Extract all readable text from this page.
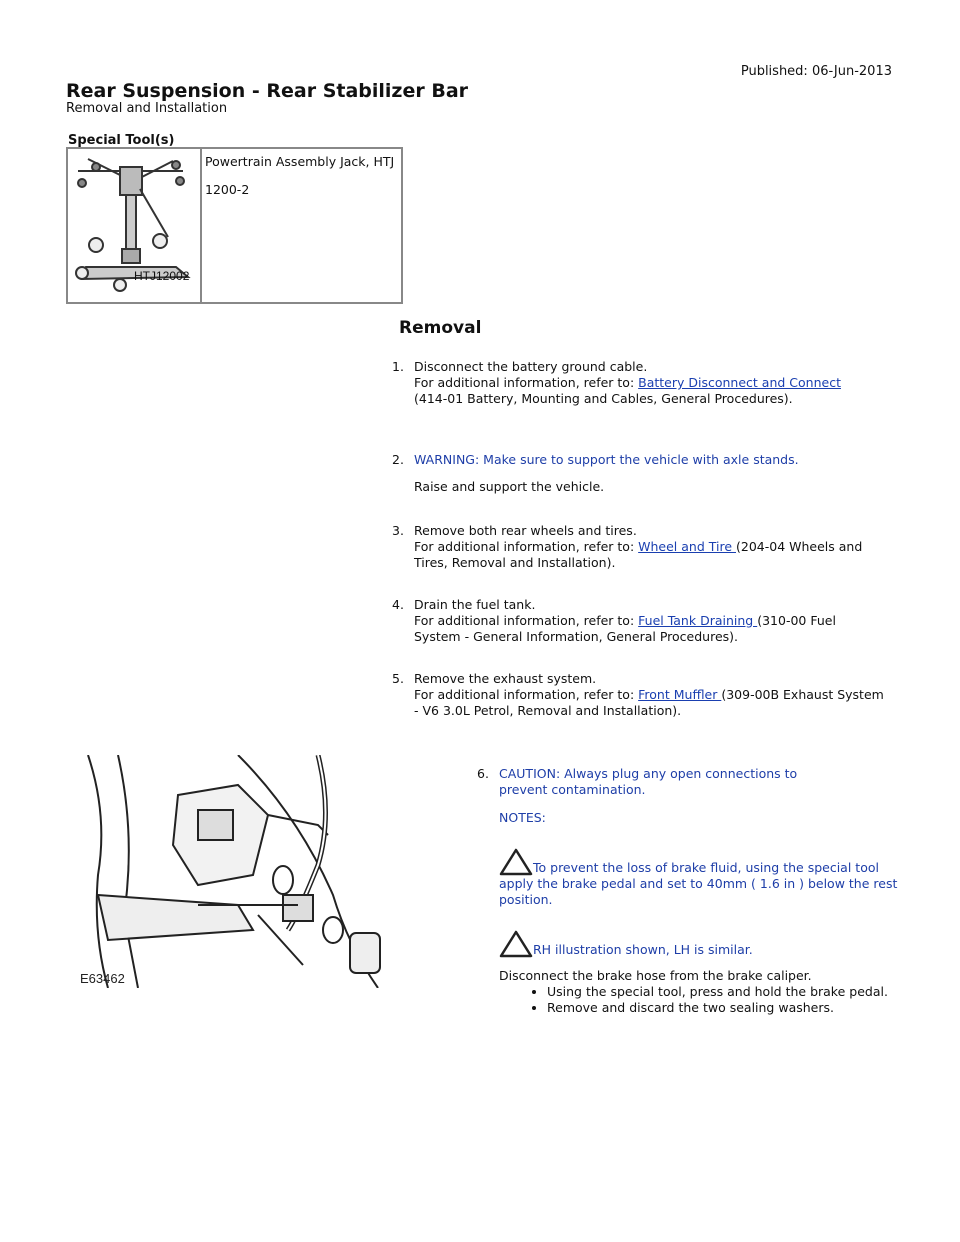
Published: 06-Jun-2013
Rear Suspension - Rear Stabilizer Bar
Removal and Installation
Special Tool(s)
HTJ12002
Powertrain Assembly Jack, HTJ
1200-2
Removal
1. Disconnect the battery ground cable.
For additional information, refer to: Battery Disconnect and Connect
(414-01 Battery, Mounting and Cables, General Procedures).
2. WARNING: Make sure to support the vehicle with axle stands.
Raise and support the vehicle.
3. Remove both rear wheels and tires.
For additional information, refer to: Wheel and Tire (204-04 Wheels and Tires, Removal and Installation).
4. Drain the fuel tank.
For additional information, refer to: Fuel Tank Draining (310-00 Fuel System - General Information, General Procedures).
5. Remove the exhaust system.
For additional information, refer to: Front Muffler (309-00B Exhaust System - V6 3.0L Petrol, Removal and Installation).
E63462
6. CAUTION: Always plug any open connections to prevent contamination.
NOTES:
To prevent the loss of brake fluid, using the special tool apply the brake pedal and set to 40mm ( 1.6 in ) below the rest position.
RH illustration shown, LH is similar.
Disconnect the brake hose from the brake caliper.
• Using the special tool, press and hold the brake pedal.
• Remove and discard the two sealing washers.
